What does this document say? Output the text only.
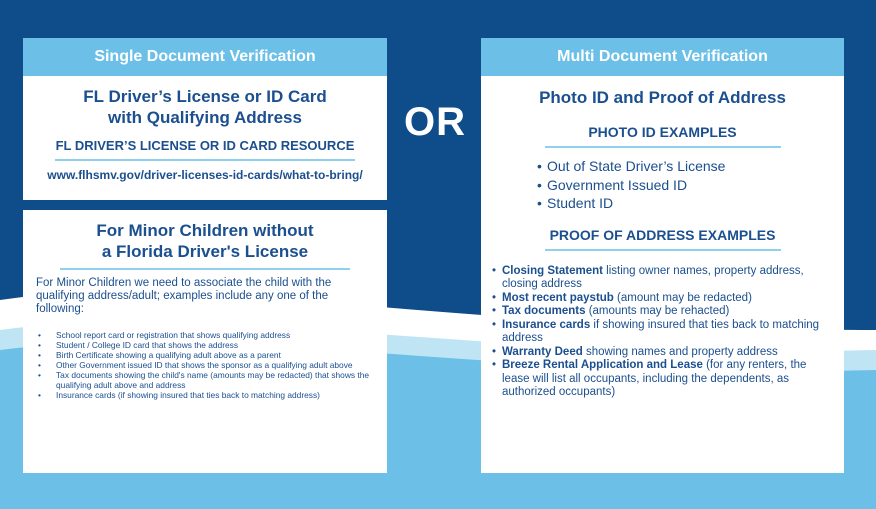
Single Document Verification
FL Driver’s License or ID Card
with Qualifying Address
FL DRIVER’S LICENSE OR ID CARD RESOURCE
www.flhsmv.gov/driver-licenses-id-cards/what-to-bring/
For Minor Children without
a Florida Driver's License
For Minor Children we need to associate the child with the qualifying address/adult; examples include any one of the following:
• School report card or registration that shows qualifying address
• Student / College ID card that shows the address
• Birth Certificate showing a qualifying adult above as a parent
• Other Government issued ID that shows the sponsor as a qualifying adult above
• Tax documents showing the child's name (amounts may be redacted) that shows the qualifying adult above and address
• Insurance cards (if showing insured that ties back to matching address)
OR
Multi Document Verification
Photo ID and Proof of Address
PHOTO ID EXAMPLES
• Out of State Driver’s License
• Government Issued ID
• Student ID
PROOF OF ADDRESS EXAMPLES
• Closing Statement listing owner names, property address, closing address
• Most recent paystub (amount may be redacted)
• Tax documents (amounts may be rehacted)
• Insurance cards if showing insured that ties back to matching address
• Warranty Deed showing names and property address
• Breeze Rental Application and Lease (for any renters, the lease will list all occupants, including the dependents, as authorized occupants)
